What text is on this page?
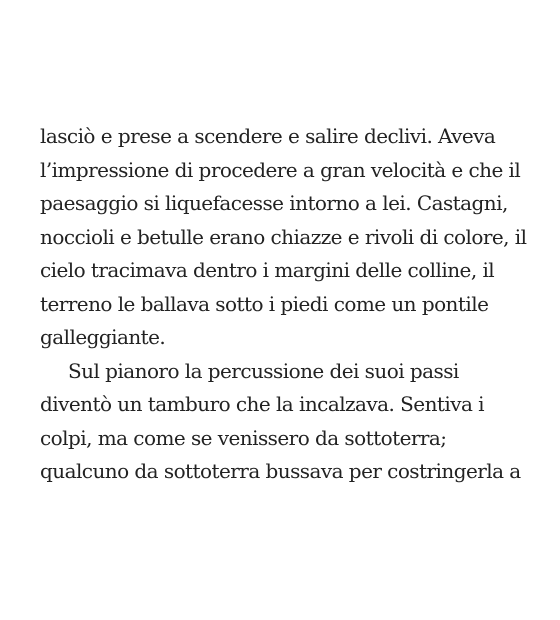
lasciò e prese a scendere e salire declivi. Aveva
l’impressione di procedere a gran velocità e che il
paesaggio si liquefacesse intorno a lei. Castagni,
noccioli e betulle erano chiazze e rivoli di colore, il
cielo tracimava dentro i margini delle colline, il
terreno le ballava sotto i piedi come un pontile
galleggiante.
Sul pianoro la percussione dei suoi passi
diventò un tamburo che la incalzava. Sentiva i
colpi, ma come se venissero da sottoterra;
qualcuno da sottoterra bussava per costringerla a
